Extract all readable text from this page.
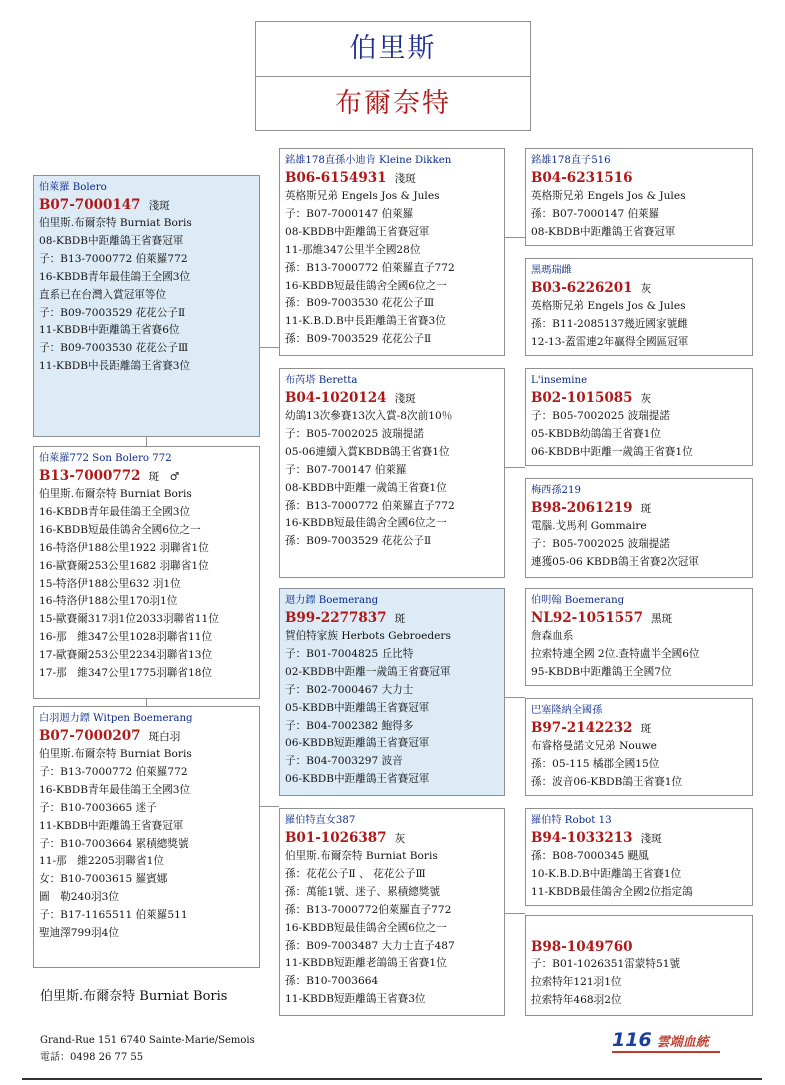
伯里斯
布爾奈特
伯萊羅 Bolero
B07-7000147 淺斑
伯里斯.布爾奈特 Burniat Boris
08-KBDB中距離鴿王省賽冠軍
子：B13-7000772 伯萊羅772
16-KBDB青年最佳鴿王全國3位
直系已在台灣入賞冠軍等位
子：B09-7003529 花花公子Ⅱ
11-KBDB中距離鴿王省賽6位
子：B09-7003530 花花公子Ⅲ
11-KBDB中長距離鴿王省賽3位
伯萊羅772 Son Bolero 772
B13-7000772 斑　♂
伯里斯.布爾奈特 Burniat Boris
16-KBDB青年最佳鴿王全國3位
16-KBDB短最佳鴿舍全國6位之一
16-特洛伊188公里1922 羽聯省1位
16-歐賽爾253公里1682 羽聯省1位
15-特洛伊188公里632 羽1位
16-特洛伊188公里170羽1位
15-歐賽爾317羽1位2033羽聯省11位
16-那　維347公里1028羽聯省11位
17-歐賽爾253公里2234羽聯省13位
17-那　維347公里1775羽聯省18位
白羽迴力鏢 Witpen Boemerang
B07-7000207 斑白羽
伯里斯.布爾奈特 Burniat Boris
子：B13-7000772 伯萊羅772
16-KBDB青年最佳鴿王全國3位
子：B10-7003665 迷子
11-KBDB中距離鴿王省賽冠軍
子：B10-7003664 累積總獎號
11-那　維2205羽聯省1位
女：B10-7003615 羅賓娜
圖　勒240羽3位
子：B17-1165511 伯萊羅511
聖迪澤799羽4位
銘雄178直孫小迪肯 Kleine Dikken
B06-6154931 淺斑
英格斯兄弟 Engels Jos & Jules
子：B07-7000147 伯萊羅
08-KBDB中距離鴿王省賽冠軍
11-那維347公里半全國28位
孫：B13-7000772 伯萊羅直子772
16-KBDB短最佳鴿舍全國6位之一
孫：B09-7003530 花花公子Ⅲ
11-K.B.D.B中長距離鴿王省賽3位
孫：B09-7003529 花花公子Ⅱ
布芮塔 Beretta
B04-1020124 淺斑
幼鴿13次參賽13次入賞-8次前10％
子：B05-7002025 波瑞提諾
05-06連續入賞KBDB鴿王省賽1位
子：B07-700147 伯萊羅
08-KBDB中距離一歲鴿王省賽1位
孫：B13-7000772 伯萊羅直子772
16-KBDB短最佳鴿舍全國6位之一
孫：B09-7003529 花花公子Ⅱ
迴力鏢 Boemerang
B99-2277837 斑
賀伯特家族 Herbots Gebroeders
子：B01-7004825 丘比特
02-KBDB中距離一歲鴿王省賽冠軍
子：B02-7000467 大力士
05-KBDB中距離鴿王省賽冠軍
子：B04-7002382 鮑得多
06-KBDB短距離鴿王省賽冠軍
子：B04-7003297 波音
06-KBDB中距離鴿王省賽冠軍
羅伯特直女387
B01-1026387 灰
伯里斯.布爾奈特 Burniat Boris
孫：花花公子Ⅱ 、 花花公子Ⅲ
孫：萬能1號、迷子、累積總獎號
孫：B13-7000772伯萊羅直子772
16-KBDB短最佳鴿舍全國6位之一
孫：B09-7003487 大力士直子487
11-KBDB短距離老鴿鴿王省賽1位
孫：B10-7003664
11-KBDB短距離鴿王省賽3位
銘雄178直子516
B04-6231516
英格斯兄弟 Engels Jos & Jules
孫：B07-7000147 伯萊羅
08-KBDB中距離鴿王省賽冠軍
黑瑪瑞雌
B03-6226201 灰
英格斯兄弟 Engels Jos & Jules
孫：B11-2085137幾近國家號雌
12-13-蓋雷連2年贏得全國區冠軍
L'insemine
B02-1015085 灰
子：B05-7002025 波瑞提諾
05-KBDB幼鴿鴿王省賽1位
06-KBDB中距離一歲鴿王省賽1位
梅西孫219
B98-2061219 斑
電腦.戈馬利 Gommaire
子：B05-7002025 波瑞提諾
連獲05-06 KBDB鴿王省賽2次冠軍
伯明翰 Boemerang
NL92-1051557 黑斑
詹森血系
拉索特連全國 2位.查特盧半全國6位
95-KBDB中距離鴿王全國7位
巴塞隆納全國孫
B97-2142232 斑
布睿格曼諾文兄弟 Nouwe
孫：05-115 橘郡全國15位
孫：波音06-KBDB鴿王省賽1位
羅伯特 Robot 13
B94-1033213 淺斑
孫：B08-7000345 颶風
10-K.B.D.B中距離鴿王省賽1位
11-KBDB最佳鴿舍全國2位指定鴿
B98-1049760
子：B01-1026351雷蒙特51號
拉索特年121羽1位
拉索特年468羽2位
伯里斯.布爾奈特 Burniat Boris
Grand-Rue 151 6740 Sainte-Marie/Semois
電話：0498 26 77 55
116 雲端血統
